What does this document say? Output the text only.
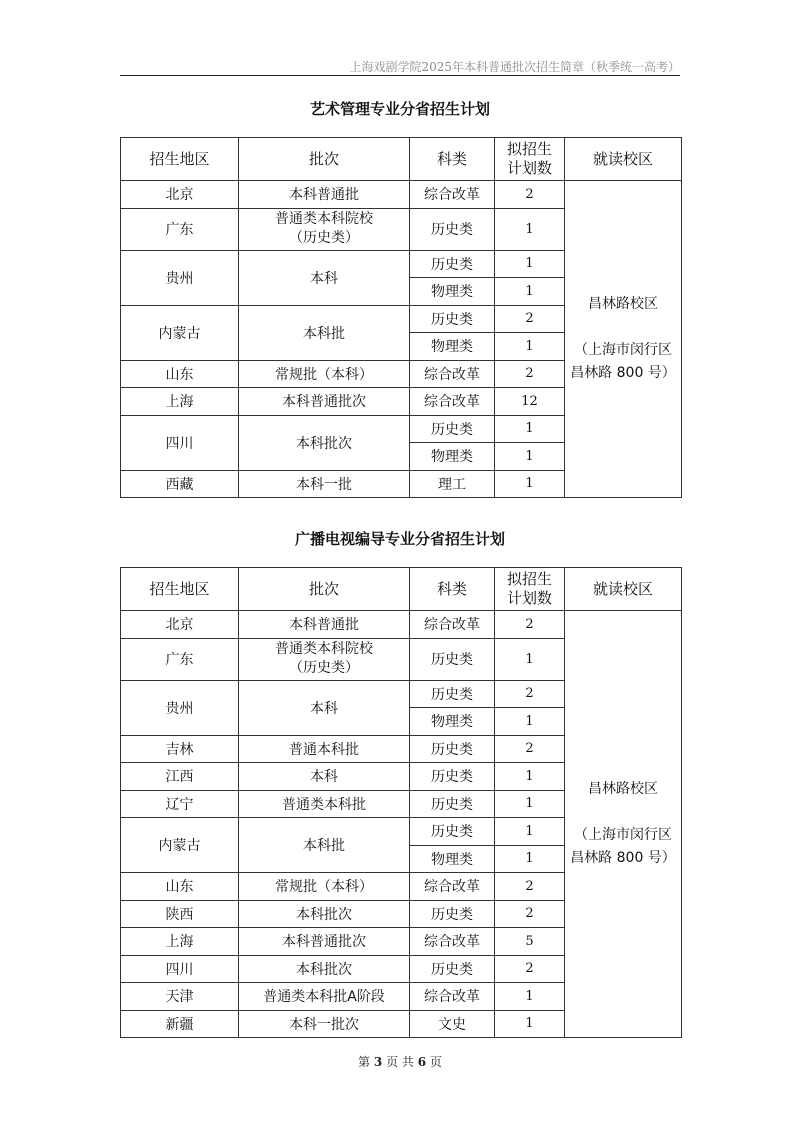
上海戏剧学院2025年本科普通批次招生简章（秋季统一高考）
艺术管理专业分省招生计划
招生地区	批次	科类	拟招生
计划数	就读校区
北京	本科普通批	综合改革	2	昌林路校区
（上海市闵行区
昌林路 800 号）

广东	普通类本科院校
（历史类）	历史类	1	
贵州	本科	历史类	1	
		物理类	1	
内蒙古	本科批	历史类	2	
		物理类	1	
山东	常规批（本科）	综合改革	2	
上海	本科普通批次	综合改革	12	
四川	本科批次	历史类	1	
		物理类	1	
西藏	本科一批	理工	1	
广播电视编导专业分省招生计划
招生地区	批次	科类	拟招生
计划数	就读校区
北京	本科普通批	综合改革	2	昌林路校区
（上海市闵行区
昌林路 800 号）

广东	普通类本科院校
（历史类）	历史类	1	
贵州	本科	历史类	2	
		物理类	1	
吉林	普通本科批	历史类	2	
江西	本科	历史类	1	
辽宁	普通类本科批	历史类	1	
内蒙古	本科批	历史类	1	
		物理类	1	
山东	常规批（本科）	综合改革	2	
陕西	本科批次	历史类	2	
上海	本科普通批次	综合改革	5	
四川	本科批次	历史类	2	
天津	普通类本科批A阶段	综合改革	1	
新疆	本科一批次	文史	1	
第 3 页 共 6 页
